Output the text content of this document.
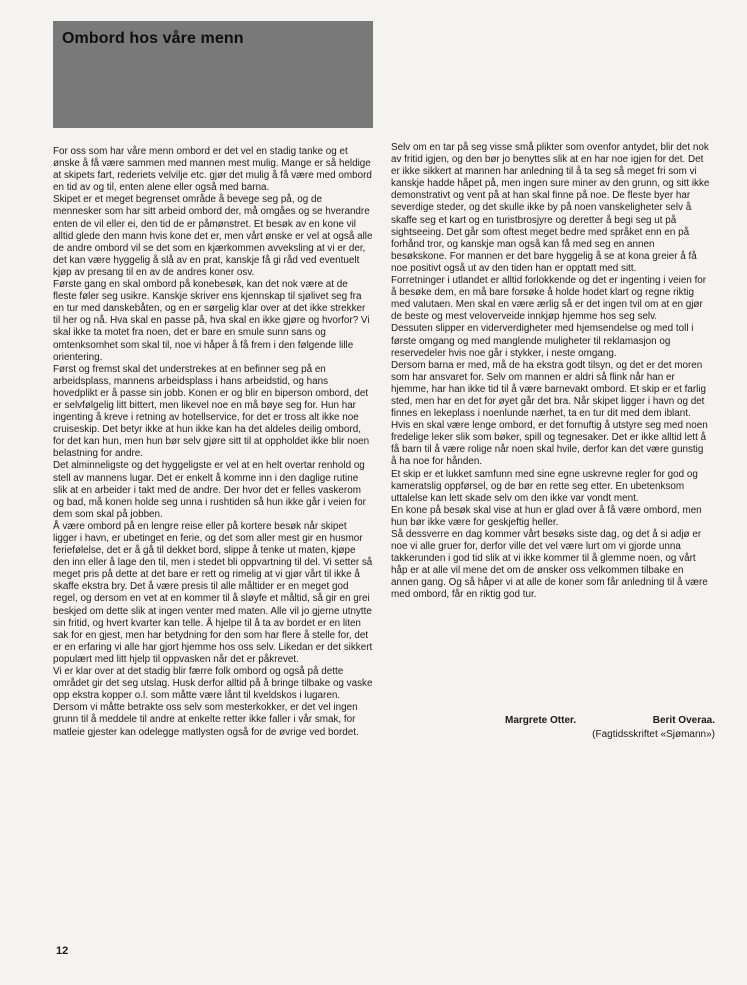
Ombord hos våre menn

For oss som har våre menn ombord er det vel en stadig tanke og et ønske å få være sammen med mannen mest mulig. Mange er så heldige at skipets fart, rederiets velvilje etc. gjør det mulig å få være med ombord en tid av og til, enten alene eller også med barna.

Skipet er et meget begrenset område å bevege seg på, og de mennesker som har sitt arbeid ombord der, må omgåes og se hverandre enten de vil eller ei, den tid de er påmønstret. Et besøk av en kone vil alltid glede den mann hvis kone det er, men vårt ønske er vel at også alle de andre ombord vil se det som en kjærkommen avveksling at vi er der, det kan være hyggelig å slå av en prat, kanskje få gi råd ved eventuelt kjøp av presang til en av de andres koner osv.

Første gang en skal ombord på konebesøk, kan det nok være at de fleste føler seg usikre. Kanskje skriver ens kjennskap til sjølivet seg fra en tur med danskebåten, og en er sørgelig klar over at det ikke strekker til her og nå. Hva skal en passe på, hva skal en ikke gjøre og hvorfor? Vi skal ikke ta motet fra noen, det er bare en smule sunn sans og omtenksomhet som skal til, noe vi håper å få frem i den følgende lille orientering.

Først og fremst skal det understrekes at en befinner seg på en arbeidsplass, mannens arbeidsplass i hans arbeidstid, og hans hovedplikt er å passe sin jobb. Konen er og blir en biperson ombord, det er selvfølgelig litt bittert, men likevel noe en må bøye seg for. Hun har ingenting å kreve i retning av hotellservice, for det er tross alt ikke noe cruiseskip. Det betyr ikke at hun ikke kan ha det aldeles deilig ombord, for det kan hun, men hun bør selv gjøre sitt til at oppholdet ikke blir noen belastning for andre.

Det alminneligste og det hyggeligste er vel at en helt overtar renhold og stell av mannens lugar. Det er enkelt å komme inn i den daglige rutine slik at en arbeider i takt med de andre. Der hvor det er felles vaskerom og bad, må konen holde seg unna i rushtiden så hun ikke går i veien for dem som skal på jobben.

Å være ombord på en lengre reise eller på kortere besøk når skipet ligger i havn, er ubetinget en ferie, og det som aller mest gir en husmor feriefølelse, det er å gå til dekket bord, slippe å tenke ut maten, kjøpe den inn eller å lage den til, men i stedet bli oppvartning til del. Vi setter så meget pris på dette at det bare er rett og rimelig at vi gjør vårt til ikke å skaffe ekstra bry. Det å være presis til alle måltider er en meget god regel, og dersom en vet at en kommer til å sløyfe et måltid, så gir en grei beskjed om dette slik at ingen venter med maten. Alle vil jo gjerne utnytte sin fritid, og hvert kvarter kan telle. Å hjelpe til å ta av bordet er en liten sak for en gjest, men har betydning for den som har flere å stelle for, det er en erfaring vi alle har gjort hjemme hos oss selv. Likedan er det sikkert populært med litt hjelp til oppvasken når det er påkrevet.

Vi er klar over at det stadig blir færre folk ombord og også på dette området gir det seg utslag. Husk derfor alltid på å bringe tilbake og vaske opp ekstra kopper o.l. som måtte være lånt til kveldskos i lugaren. Dersom vi måtte betrakte oss selv som mesterkokker, er det vel ingen grunn til å meddele til andre at enkelte retter ikke faller i vår smak, for matleie gjester kan odelegge matlysten også for de øvrige ved bordet.

Selv om en tar på seg visse små plikter som ovenfor antydet, blir det nok av fritid igjen, og den bør jo benyttes slik at en har noe igjen for det. Det er ikke sikkert at mannen har anledning til å ta seg så meget fri som vi kanskje hadde håpet på, men ingen sure miner av den grunn, og sitt ikke demonstrativt og vent på at han skal finne på noe. De fleste byer har severdige steder, og det skulle ikke by på noen vanskeligheter selv å skaffe seg et kart og en turistbrosjyre og deretter å begi seg ut på sightseeing. Det går som oftest meget bedre med språket enn en på forhånd tror, og kanskje man også kan få med seg en annen besøkskone. For mannen er det bare hyggelig å se at kona greier å få noe positivt også ut av den tiden han er opptatt med sitt.

Forretninger i utlandet er alltid forlokkende og det er ingenting i veien for å besøke dem, en må bare forsøke å holde hodet klart og regne riktig med valutaen. Men skal en være ærlig så er det ingen tvil om at en gjør de beste og mest veloverveide innkjøp hjemme hos seg selv.

Dessuten slipper en viderverdigheter med hjemsendelse og med toll i første omgang og med manglende muligheter til reklamasjon og reservedeler hvis noe går i stykker, i neste omgang.

Dersom barna er med, må de ha ekstra godt tilsyn, og det er det moren som har ansvaret for. Selv om mannen er aldri så flink når han er hjemme, har han ikke tid til å være barnevakt ombord. Et skip er et farlig sted, men har en det for øyet går det bra. Når skipet ligger i havn og det finnes en lekeplass i noenlunde nærhet, ta en tur dit med dem iblant. Hvis en skal være lenge ombord, er det fornuftig å utstyre seg med noen fredelige leker slik som bøker, spill og tegnesaker. Det er ikke alltid lett å få barn til å være rolige når noen skal hvile, derfor kan det være gunstig å ha noe for hånden.

Et skip er et lukket samfunn med sine egne uskrevne regler for god og kameratslig oppførsel, og de bør en rette seg etter. En ubetenksom uttalelse kan lett skade selv om den ikke var vondt ment.

En kone på besøk skal vise at hun er glad over å få være ombord, men hun bør ikke være for geskjeftig heller.

Så dessverre en dag kommer vårt besøks siste dag, og det å si adjø er noe vi alle gruer for, derfor ville det vel være lurt om vi gjorde unna takkerunden i god tid slik at vi ikke kommer til å glemme noen, og vårt håp er at alle vil mene det om de ønsker oss velkommen tilbake en annen gang. Og så håper vi at alle de koner som får anledning til å være med ombord, får en riktig god tur.

Margrete Otter.	Berit Overaa.
(Fagtidsskriftet «Sjømann»)
12
